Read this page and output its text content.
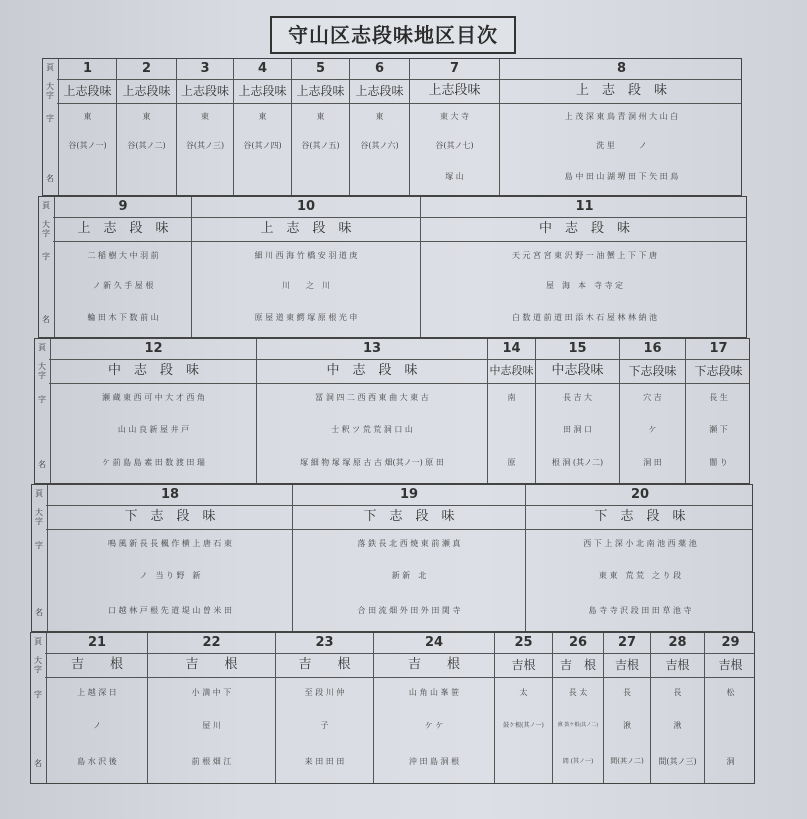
守山区志段味地区目次
頁
大字
字
名
1
上志段味
東
谷(其ノ一)
2
上志段味
東
谷(其ノ二)
3
上志段味
東
谷(其ノ三)
4
上志段味
東
谷(其ノ四)
5
上志段味
東
谷(其ノ五)
6
上志段味
東
谷(其ノ六)
7
上志段味
東 大 寺
谷(其ノ七)
塚 山
8
上　志　段　味
上 茂 深 東 鳥 青 洞 州 大 山 白
洗 里　　　ノ
島 中 田 山 湖 堺 田 下 矢 田 鳥
頁
大字
字
名
9
上　志　段　味
二 稲 樹 大 中 羽 前
ノ 新 久 手 屋 根
輪 田 木 下 数 前 山
10
上　志　段　味
細 川 西 海 竹 橋 安 羽 道 庚
川　　之　川
原 屋 道 東 鰐 塚 原 根 光 申
11
中　志　段　味
天 元 宮 宮 東 沢 野 一 油 蟹 上 下 下 唐
屋　海　本　寺 寺 定
白 数 道 前 道 田 添 木 石 屋 林 林 納 池
頁
大字
字
名
12
中　志　段　味
瀬 蔵 東 西 可 中 大 才 西 角
山 山 良 新 屋 井 戸
ケ 前 島 島 素 田 数 渡 田 瑞
13
中　志　段　味
冨 洞 四 二 西 西 東 曲 大 東 古
士 釈 ツ 荒 荒 洞 口 山
塚 細 物 塚 塚 原 古 古 畑(其ノ一) 原 田
14
中志段味
南
原
15
中志段味
長 吉 大
田 洞 口
根 洞 (其ノ二)
16
下志段味
穴 吉
ケ
洞 田
17
下志段味
長 生
瀬 下
闇 り
頁
大字
字
名
18
下　志　段　味
鳴 風 新 長 長 楓 作 横 上 唐 石 東
ノ　当 り 野　新
口 越 林 戸 根 先 道 堤 山 曽 米 田
19
下　志　段　味
落 鉄 長 北 西 焼 東 前 瀬 真
新 新　北
合 田 流 畑 外 田 外 田 関 寺
20
下　志　段　味
西 下 上 深 小 北 南 池 西 薬 池
東 東　荒 荒　之 り 段
島 寺 寺 沢 段 田 田 草 池 寺
頁
大字
字
名
21
吉　　根
上 越 深 日
ノ
島 水 沢 後
22
吉　　根
小 満 中 下
屋 川
前 根 畑 江
23
吉　　根
至 段 川 仲
子
来 田 田 田
24
吉　　根
山 角 山 峯 笹
ケ ケ
沖 田 島 洞 根
25
吉根
太
鼓ケ根(其ノ一)
26
吉　根
長 太
湫 鼓ケ根(其ノ二)
間 (其ノ一)
27
吉根
長
湫
間(其ノ二)
28
吉根
長
湫
間(其ノ三)
29
吉根
松
洞
